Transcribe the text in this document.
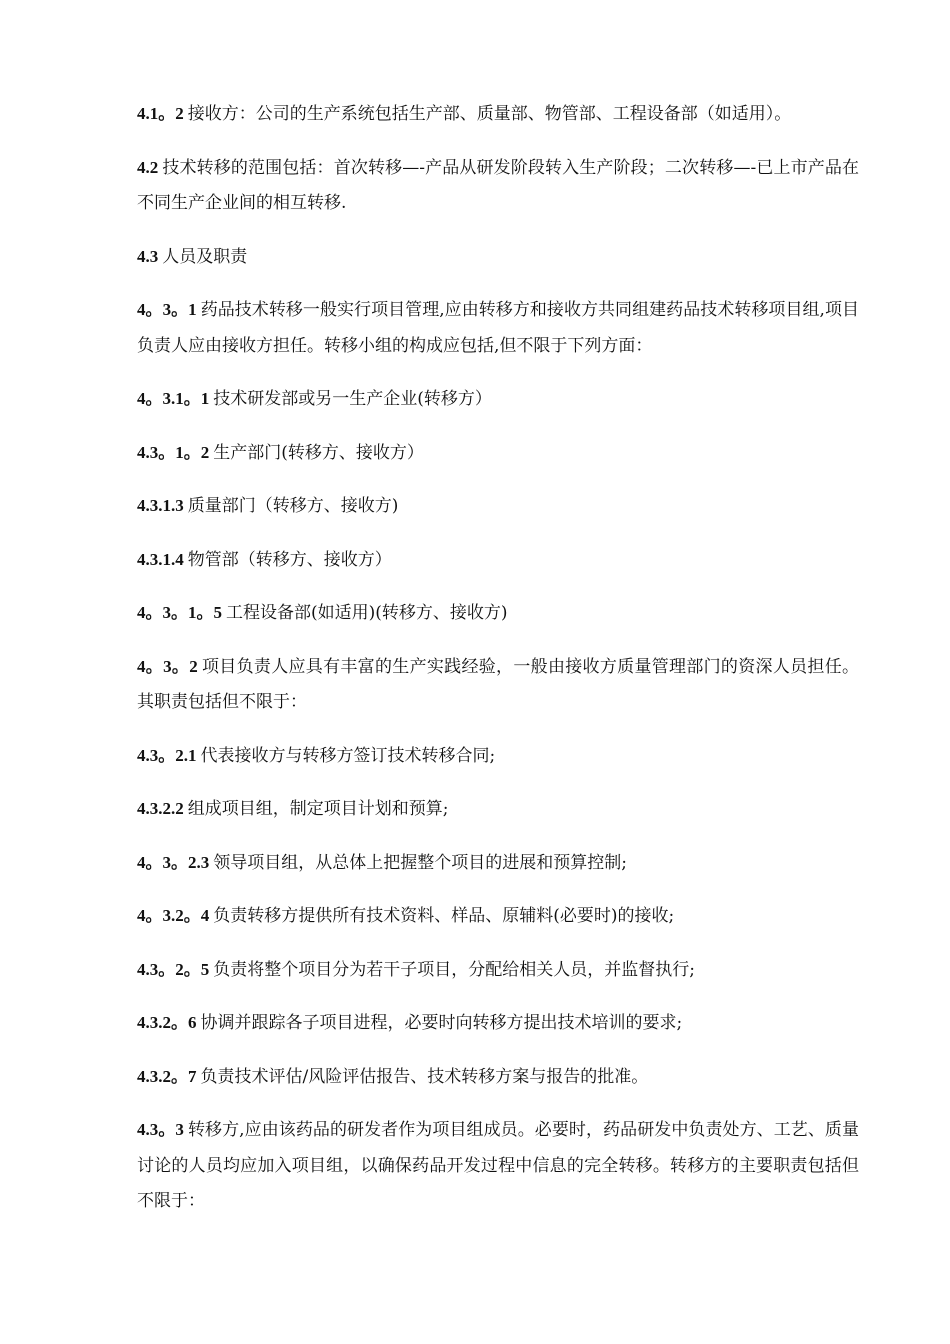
4.1。2 接收方：公司的生产系统包括生产部、质量部、物管部、工程设备部（如适用）。

4.2 技术转移的范围包括：首次转移—-产品从研发阶段转入生产阶段；二次转移—-已上市产品在不同生产企业间的相互转移.

4.3 人员及职责

4。3。1 药品技术转移一般实行项目管理,应由转移方和接收方共同组建药品技术转移项目组,项目负责人应由接收方担任。转移小组的构成应包括,但不限于下列方面：

4。3.1。1 技术研发部或另一生产企业(转移方）

4.3。1。2 生产部门(转移方、接收方）

4.3.1.3 质量部门（转移方、接收方)

4.3.1.4 物管部（转移方、接收方）

4。3。1。5 工程设备部(如适用)(转移方、接收方)

4。3。2 项目负责人应具有丰富的生产实践经验，一般由接收方质量管理部门的资深人员担任。其职责包括但不限于：

4.3。2.1 代表接收方与转移方签订技术转移合同;

4.3.2.2 组成项目组，制定项目计划和预算;

4。3。2.3 领导项目组，从总体上把握整个项目的进展和预算控制;

4。3.2。4 负责转移方提供所有技术资料、样品、原辅料(必要时)的接收;

4.3。2。5 负责将整个项目分为若干子项目，分配给相关人员，并监督执行;

4.3.2。6 协调并跟踪各子项目进程，必要时向转移方提出技术培训的要求;

4.3.2。7 负责技术评估/风险评估报告、技术转移方案与报告的批准。

4.3。3 转移方,应由该药品的研发者作为项目组成员。必要时，药品研发中负责处方、工艺、质量讨论的人员均应加入项目组，以确保药品开发过程中信息的完全转移。转移方的主要职责包括但不限于：
